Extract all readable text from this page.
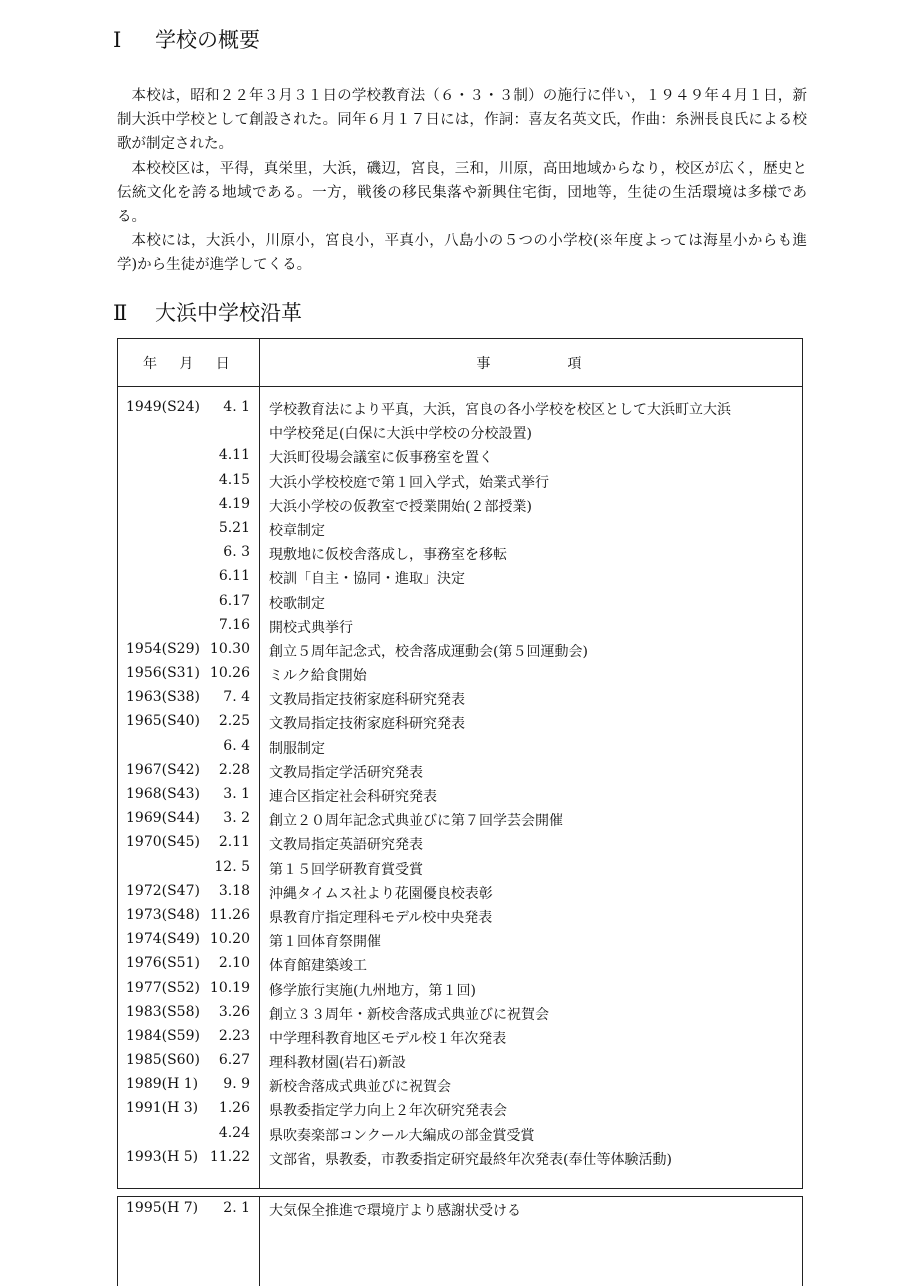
Ⅰ 学校の概要

本校は，昭和２２年３月３１日の学校教育法（６・３・３制）の施行に伴い，１９４９年４月１日，新制大浜中学校として創設された。同年６月１７日には，作詞：喜友名英文氏，作曲：糸洲長良氏による校歌が制定された。

本校校区は，平得，真栄里，大浜，磯辺，宮良，三和，川原，高田地域からなり，校区が広く，歴史と伝統文化を誇る地域である。一方，戦後の移民集落や新興住宅街，団地等，生徒の生活環境は多様である。

本校には，大浜小，川原小，宮良小，平真小，八島小の５つの小学校(※年度よっては海星小からも進学)から生徒が進学してくる。

Ⅱ 大浜中学校沿革
年　月　日	事　　　　項
1949(S24)	4. 1 学校教育法により平真，大浜，宮良の各小学校を校区として大浜町立大浜
中学校発足(白保に大浜中学校の分校設置)
4.11 大浜町役場会議室に仮事務室を置く
4.15 大浜小学校校庭で第１回入学式，始業式挙行
4.19 大浜小学校の仮教室で授業開始(２部授業)
5.21 校章制定
6. 3 現敷地に仮校舎落成し，事務室を移転
6.11 校訓「自主・協同・進取」決定
6.17 校歌制定
7.16 開校式典挙行
1954(S29) 10.30 創立５周年記念式，校舎落成運動会(第５回運動会)
1956(S31) 10.26 ミルク給食開始
1963(S38)	7. 4 文教局指定技術家庭科研究発表
1965(S40)	2.25 文教局指定技術家庭科研究発表
6. 4 制服制定
1967(S42)	2.28 文教局指定学活研究発表
1968(S43)	3. 1 連合区指定社会科研究発表
1969(S44)	3. 2 創立２０周年記念式典並びに第７回学芸会開催
1970(S45)	2.11 文教局指定英語研究発表
12. 5 第１５回学研教育賞受賞
1972(S47)	3.18 沖縄タイムス社より花園優良校表彰
1973(S48) 11.26 県教育庁指定理科モデル校中央発表
1974(S49) 10.20 第１回体育祭開催
1976(S51)	2.10 体育館建築竣工
1977(S52) 10.19 修学旅行実施(九州地方，第１回)
1983(S58)	3.26 創立３３周年・新校舎落成式典並びに祝賀会
1984(S59)	2.23 中学理科教育地区モデル校１年次発表
1985(S60)	6.27 理科教材園(岩石)新設
1989(H 1)	9. 9 新校舎落成式典並びに祝賀会
1991(H 3)	1.26 県教委指定学力向上２年次研究発表会
4.24 県吹奏楽部コンクール大編成の部金賞受賞
1993(H 5) 11.22 文部省，県教委，市教委指定研究最終年次発表(奉仕等体験活動)
1995(H 7)	2. 1 大気保全推進で環境庁より感謝状受ける
